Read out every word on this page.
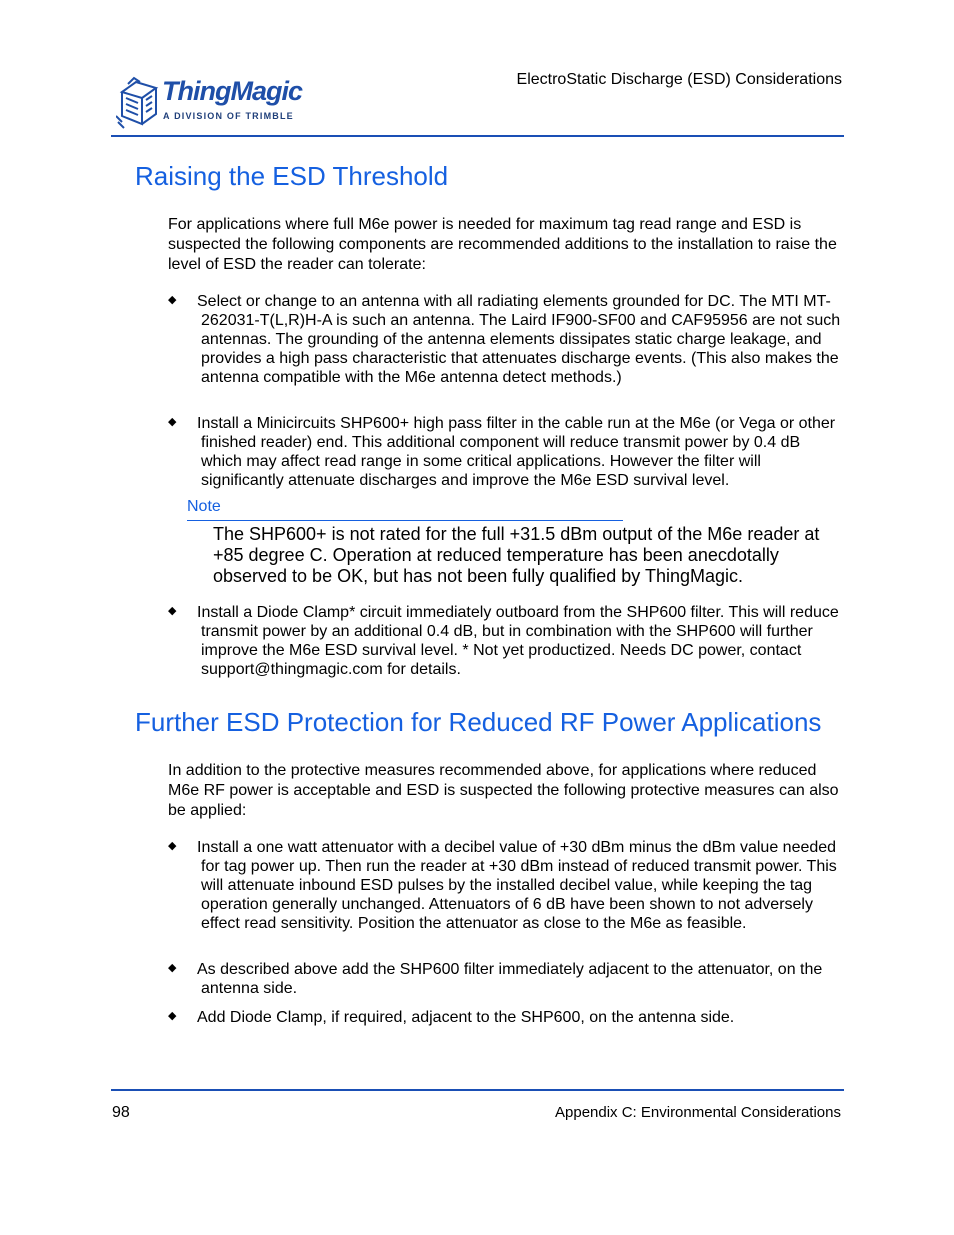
ThingMagic
A DIVISION OF TRIMBLE
ElectroStatic Discharge (ESD) Considerations
Raising the ESD Threshold

For applications where full M6e power is needed for maximum tag read range and ESD is suspected the following components are recommended additions to the installation to raise the level of ESD the reader can tolerate:

◆	Select or change to an antenna with all radiating elements grounded for DC. The MTI MT-262031-T(L,R)H-A is such an antenna. The Laird IF900-SF00 and CAF95956 are not such antennas. The grounding of the antenna elements dissipates static charge leakage, and provides a high pass characteristic that attenuates discharge events. (This also makes the antenna compatible with the M6e antenna detect methods.)
◆	Install a Minicircuits SHP600+ high pass filter in the cable run at the M6e (or Vega or other finished reader) end. This additional component will reduce transmit power by 0.4 dB which may affect read range in some critical applications. However the filter will significantly attenuate discharges and improve the M6e ESD survival level.
Note
The SHP600+ is not rated for the full +31.5 dBm output of the M6e reader at +85 degree C. Operation at reduced temperature has been anecdotally observed to be OK, but has not been fully qualified by ThingMagic.
◆	Install a Diode Clamp* circuit immediately outboard from the SHP600 filter. This will reduce transmit power by an additional 0.4 dB, but in combination with the SHP600 will further improve the M6e ESD survival level. * Not yet productized. Needs DC power, contact support@thingmagic.com for details.
Further ESD Protection for Reduced RF Power Applications

In addition to the protective measures recommended above, for applications where reduced M6e RF power is acceptable and ESD is suspected the following protective measures can also be applied:

◆	Install a one watt attenuator with a decibel value of +30 dBm minus the dBm value needed for tag power up. Then run the reader at +30 dBm instead of reduced transmit power. This will attenuate inbound ESD pulses by the installed decibel value, while keeping the tag operation generally unchanged. Attenuators of 6 dB have been shown to not adversely effect read sensitivity. Position the attenuator as close to the M6e as feasible.
◆	As described above add the SHP600 filter immediately adjacent to the attenuator, on the antenna side.
◆	Add Diode Clamp, if required, adjacent to the SHP600, on the antenna side.
98	Appendix C: Environmental Considerations
